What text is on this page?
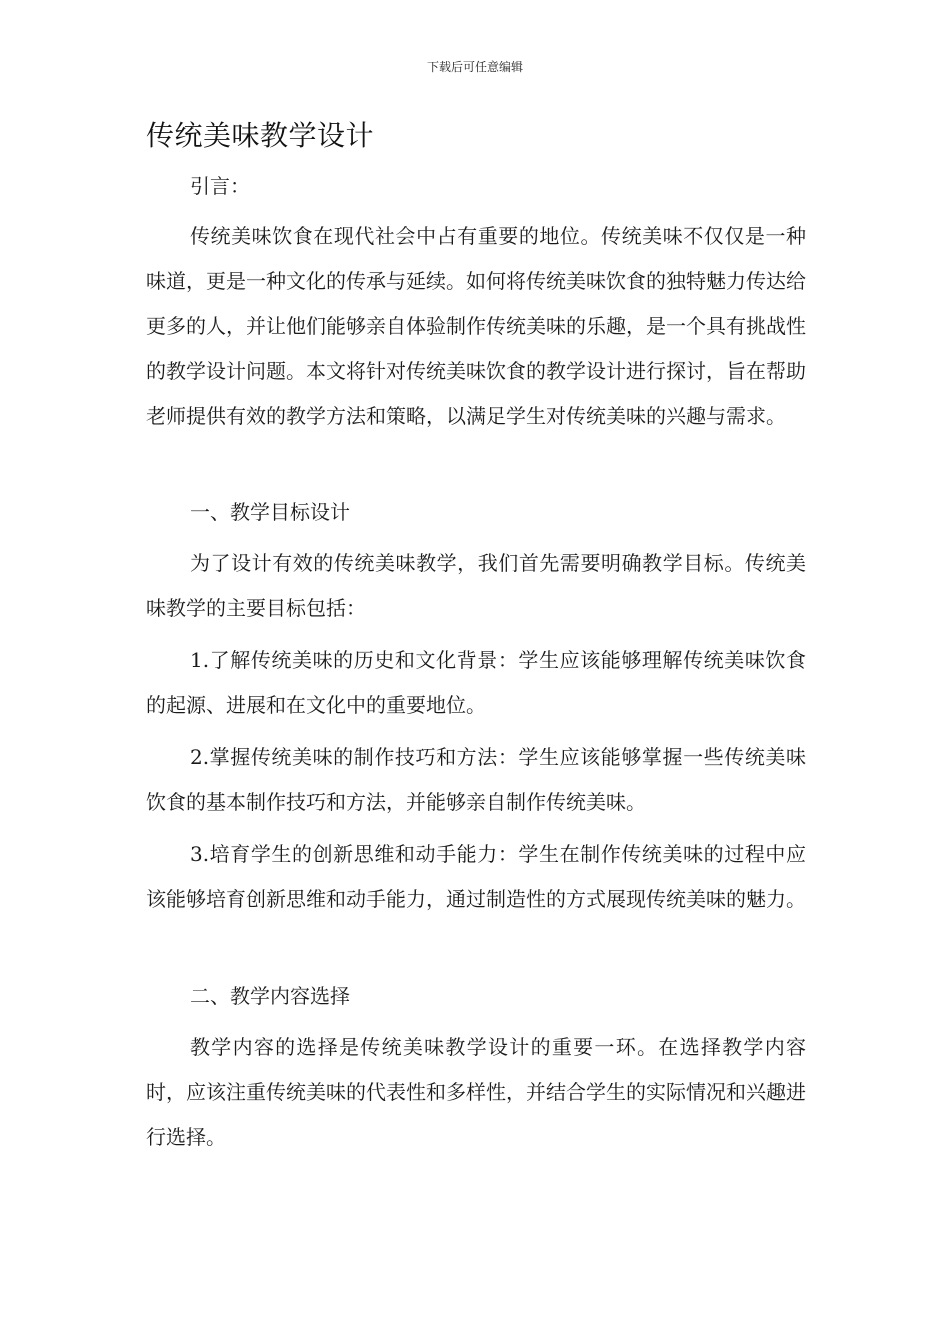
下载后可任意编辑
传统美味教学设计

引言：

传统美味饮食在现代社会中占有重要的地位。传统美味不仅仅是一种味道，更是一种文化的传承与延续。如何将传统美味饮食的独特魅力传达给更多的人，并让他们能够亲自体验制作传统美味的乐趣，是一个具有挑战性的教学设计问题。本文将针对传统美味饮食的教学设计进行探讨，旨在帮助老师提供有效的教学方法和策略，以满足学生对传统美味的兴趣与需求。

一、教学目标设计

为了设计有效的传统美味教学，我们首先需要明确教学目标。传统美味教学的主要目标包括：

1.了解传统美味的历史和文化背景：学生应该能够理解传统美味饮食的起源、进展和在文化中的重要地位。

2.掌握传统美味的制作技巧和方法：学生应该能够掌握一些传统美味饮食的基本制作技巧和方法，并能够亲自制作传统美味。

3.培育学生的创新思维和动手能力：学生在制作传统美味的过程中应该能够培育创新思维和动手能力，通过制造性的方式展现传统美味的魅力。

二、教学内容选择

教学内容的选择是传统美味教学设计的重要一环。在选择教学内容时，应该注重传统美味的代表性和多样性，并结合学生的实际情况和兴趣进行选择。
